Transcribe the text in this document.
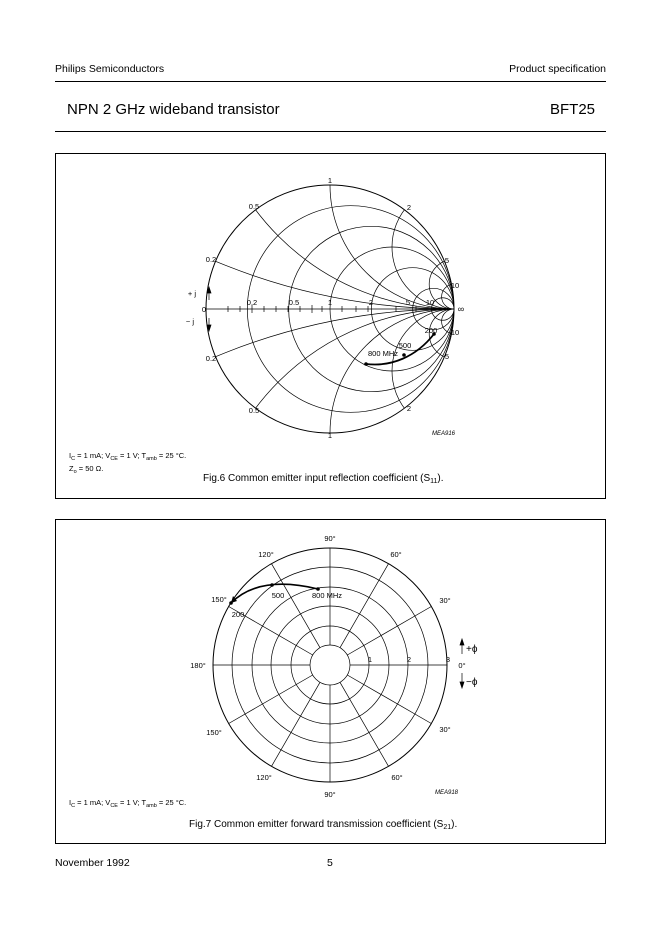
Philips Semiconductors	Product specification
NPN 2 GHz wideband transistor	BFT25
1
0.5	2
0.2	5
10
+ j
0
− j
0.2	0.5	1	2	5 10
∞
0.2
0.5	2
5
10
1
200
500
800 MHz
MEA916
$I_C = 1$ mA; $V_{CE} = 1$ V; $T_{amb} = 25$ °C.
$Z_o = 50$ Ω.
Fig.6 Common emitter input reflection coefficient $(S_{11})$.
90°
120°	60°
150°	30°
180°	0°
150°	30°
120°	60°
90°
1	2	3
+ϕ
−ϕ
200
500	800 MHz
MEA918
$I_C = 1$ mA; $V_{CE} = 1$ V; $T_{amb} = 25$ °C.
Fig.7 Common emitter forward transmission coefficient $(S_{21})$.
November 1992	5
